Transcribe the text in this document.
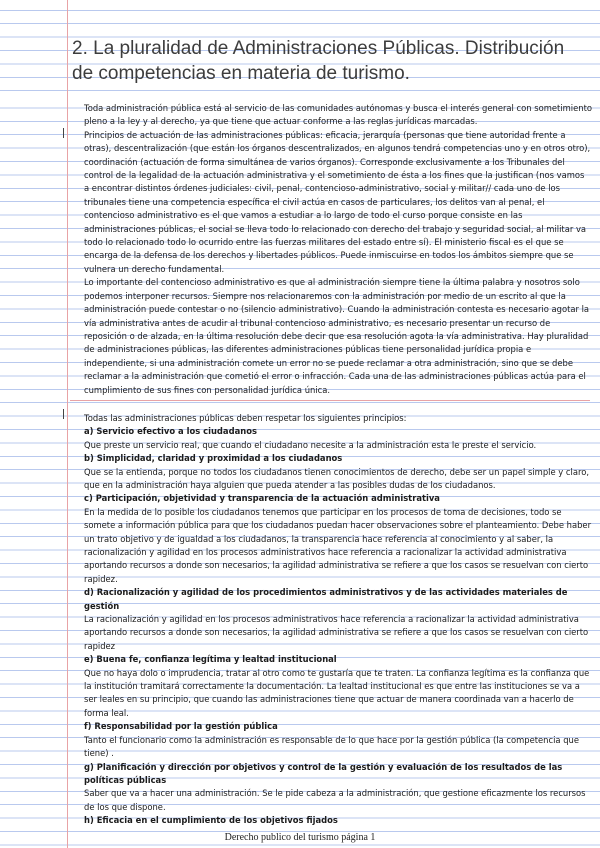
2. La pluralidad de Administraciones Públicas. Distribución de competencias en materia de turismo.

Toda administración pública está al servicio de las comunidades autónomas y busca el interés general con sometimiento pleno a la ley y al derecho, ya que tiene que actuar conforme a las reglas jurídicas marcadas.

Principios de actuación de las administraciones públicas: eficacia, jerarquía (personas que tiene autoridad frente a otras), descentralización (que están los órganos descentralizados, en algunos tendrá competencias uno y en otros otro), coordinación (actuación de forma simultánea de varios órganos). Corresponde exclusivamente a los Tribunales del control de la legalidad de la actuación administrativa y el sometimiento de ésta a los fines que la justifican (nos vamos a encontrar distintos órdenes judiciales: civil, penal, contencioso-administrativo, social y militar// cada uno de los tribunales tiene una competencia específica el civil actúa en casos de particulares, los delitos van al penal, el contencioso administrativo es el que vamos a estudiar a lo largo de todo el curso porque consiste en las administraciones públicas, el social se lleva todo lo relacionado con derecho del trabajo y seguridad social, al militar va todo lo relacionado todo lo ocurrido entre las fuerzas militares del estado entre sí). El ministerio fiscal es el que se encarga de la defensa de los derechos y libertades públicos. Puede inmiscuirse en todos los ámbitos siempre que se vulnera un derecho fundamental.

Lo importante del contencioso administrativo es que al administración siempre tiene la última palabra y nosotros solo podemos interponer recursos. Siempre nos relacionaremos con la administración por medio de un escrito al que la administración puede contestar o no (silencio administrativo). Cuando la administración contesta es necesario agotar la vía administrativa antes de acudir al tribunal contencioso administrativo, es necesario presentar un recurso de reposición o de alzada, en la última resolución debe decir que esa resolución agota la vía administrativa. Hay pluralidad de administraciones públicas, las diferentes administraciones públicas tiene personalidad jurídica propia e independiente, si una administración comete un error no se puede reclamar a otra administración, sino que se debe reclamar a la administración que cometió el error o infracción. Cada una de las administraciones públicas actúa para el cumplimiento de sus fines con personalidad jurídica única.

Todas las administraciones públicas deben respetar los siguientes principios:

a) Servicio efectivo a los ciudadanos

Que preste un servicio real, que cuando el ciudadano necesite a la administración esta le preste el servicio.

b) Simplicidad, claridad y proximidad a los ciudadanos

Que se la entienda, porque no todos los ciudadanos tienen conocimientos de derecho, debe ser un papel simple y claro, que en la administración haya alguien que pueda atender a las posibles dudas de los ciudadanos.

c) Participación, objetividad y transparencia de la actuación administrativa

En la medida de lo posible los ciudadanos tenemos que participar en los procesos de toma de decisiones, todo se somete a información pública para que los ciudadanos puedan hacer observaciones sobre el planteamiento. Debe haber un trato objetivo y de igualdad a los ciudadanos, la transparencia hace referencia al conocimiento y al saber, la racionalización y agilidad en los procesos administrativos hace referencia a racionalizar la actividad administrativa aportando recursos a donde son necesarios, la agilidad administrativa se refiere a que los casos se resuelvan con cierto rapidez.

d) Racionalización y agilidad de los procedimientos administrativos y de las actividades materiales de gestión

La racionalización y agilidad en los procesos administrativos hace referencia a racionalizar la actividad administrativa aportando recursos a donde son necesarios, la agilidad administrativa se refiere a que los casos se resuelvan con cierto rapidez

e) Buena fe, confianza legítima y lealtad institucional

Que no haya dolo o imprudencia, tratar al otro como te gustaría que te traten. La confianza legítima es la confianza que la institución tramitará correctamente la documentación. La lealtad institucional es que entre las instituciones se va a ser leales en su principio, que cuando las administraciones tiene que actuar de manera coordinada van a hacerlo de forma leal.

f) Responsabilidad por la gestión pública

Tanto el funcionario como la administración es responsable de lo que hace por la gestión pública (la competencia que tiene) .

g) Planificación y dirección por objetivos y control de la gestión y evaluación de los resultados de las políticas públicas

Saber que va a hacer una administración. Se le pide cabeza a la administración, que gestione eficazmente los recursos de los que dispone.

h) Eficacia en el cumplimiento de los objetivos fijados

Derecho publico del turismo página 1
